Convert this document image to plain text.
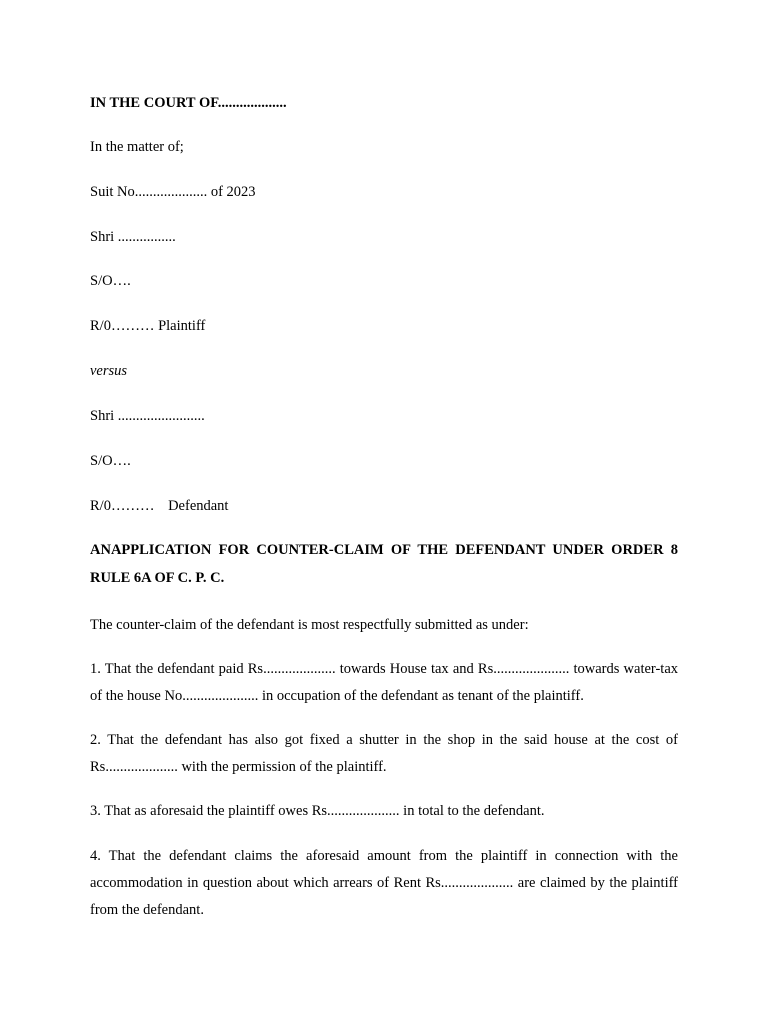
IN THE COURT OF...................
In the matter of;
Suit No.................... of 2023
Shri ................
S/O….
R/0……… Plaintiff
versus
Shri ........................
S/O….
R/0……… Defendant
ANAPPLICATION FOR COUNTER-CLAIM OF THE DEFENDANT UNDER ORDER 8 RULE 6A OF C. P. C.
The counter-claim of the defendant is most respectfully submitted as under:
1. That the defendant paid Rs.................... towards House tax and Rs..................... towards water-tax of the house No..................... in occupation of the defendant as tenant of the plaintiff.
2. That the defendant has also got fixed a shutter in the shop in the said house at the cost of Rs.................... with the permission of the plaintiff.
3. That as aforesaid the plaintiff owes Rs.................... in total to the defendant.
4. That the defendant claims the aforesaid amount from the plaintiff in connection with the accommodation in question about which arrears of Rent Rs.................... are claimed by the plaintiff from the defendant.
